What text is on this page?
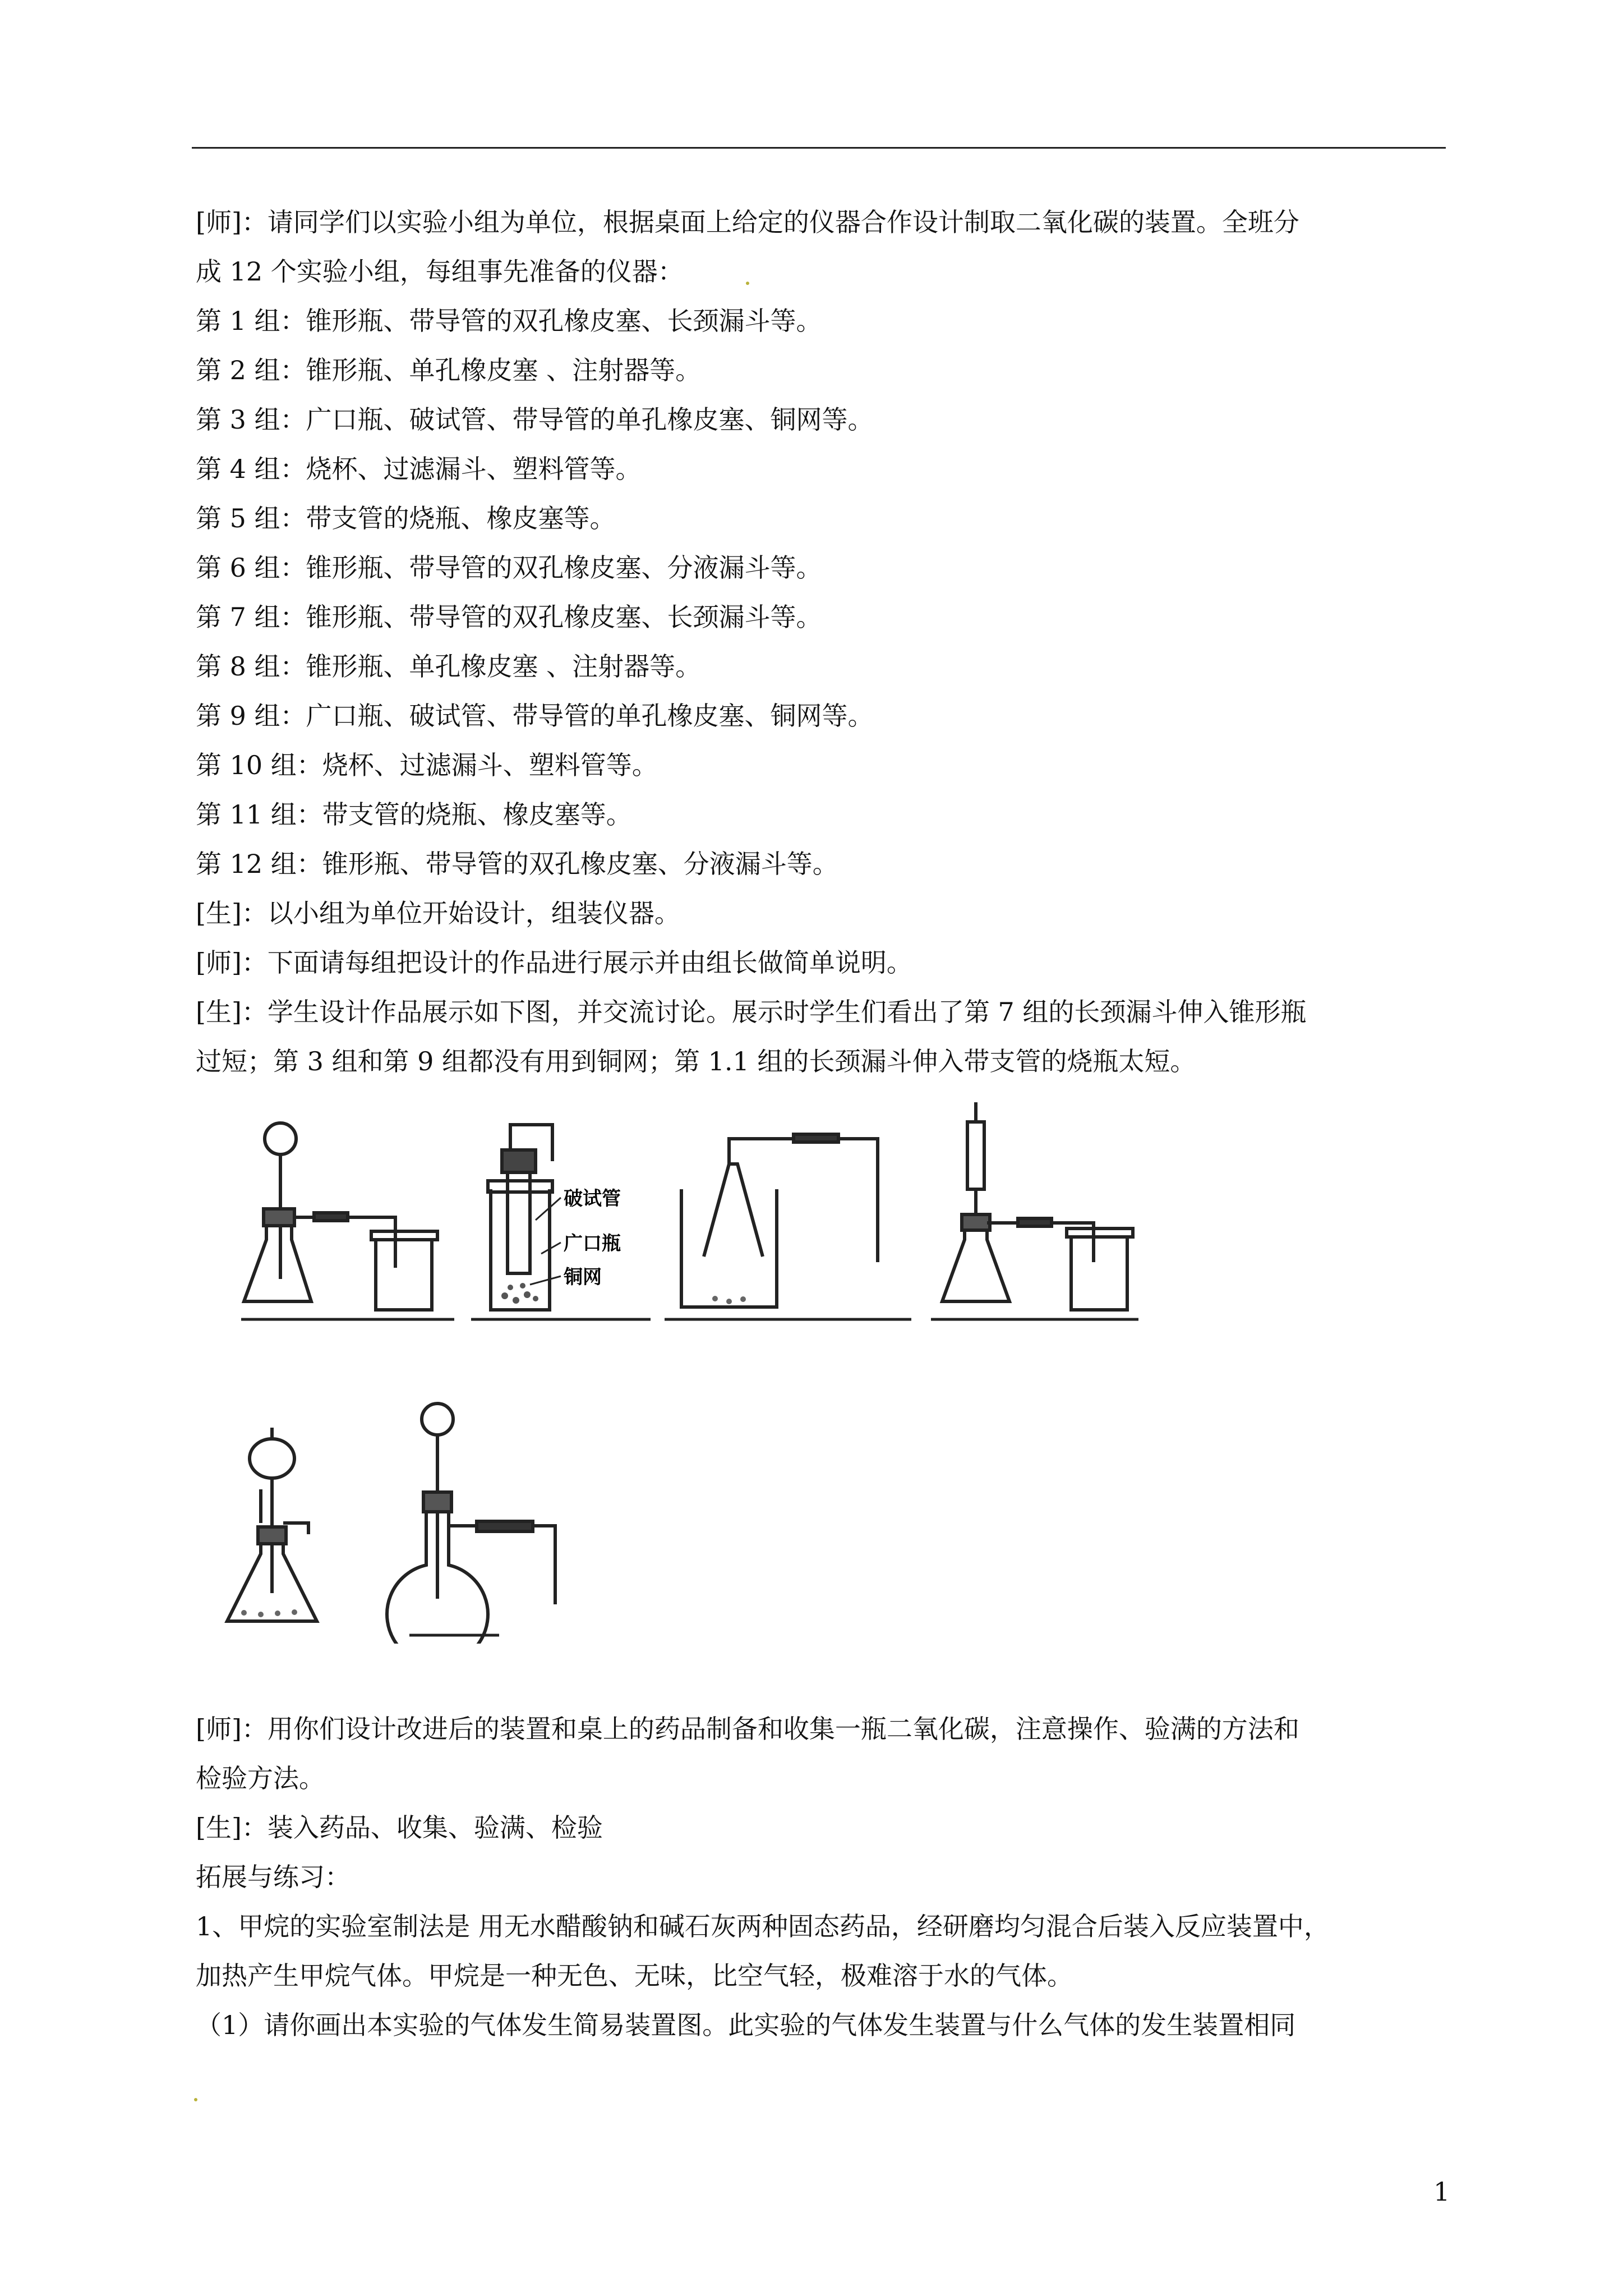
[师]：请同学们以实验小组为单位，根据桌面上给定的仪器合作设计制取二氧化碳的装置。全班分
成 12 个实验小组，每组事先准备的仪器：
第 1 组：锥形瓶、带导管的双孔橡皮塞、长颈漏斗等。
第 2 组：锥形瓶、单孔橡皮塞 、注射器等。
第 3 组：广口瓶、破试管、带导管的单孔橡皮塞、铜网等。
第 4 组：烧杯、过滤漏斗、塑料管等。
第 5 组：带支管的烧瓶、橡皮塞等。
第 6 组：锥形瓶、带导管的双孔橡皮塞、分液漏斗等。
第 7 组：锥形瓶、带导管的双孔橡皮塞、长颈漏斗等。
第 8 组：锥形瓶、单孔橡皮塞 、注射器等。
第 9 组：广口瓶、破试管、带导管的单孔橡皮塞、铜网等。
第 10 组：烧杯、过滤漏斗、塑料管等。
第 11 组：带支管的烧瓶、橡皮塞等。
第 12 组：锥形瓶、带导管的双孔橡皮塞、分液漏斗等。
[生]：以小组为单位开始设计，组装仪器。
[师]：下面请每组把设计的作品进行展示并由组长做简单说明。
[生]：学生设计作品展示如下图，并交流讨论。展示时学生们看出了第 7 组的长颈漏斗伸入锥形瓶
过短；第 3 组和第 9 组都没有用到铜网；第 1.1 组的长颈漏斗伸入带支管的烧瓶太短。
破试管
广口瓶
铜网
[师]：用你们设计改进后的装置和桌上的药品制备和收集一瓶二氧化碳，注意操作、验满的方法和
检验方法。
[生]：装入药品、收集、验满、检验
拓展与练习：
1、甲烷的实验室制法是 用无水醋酸钠和碱石灰两种固态药品，经研磨均匀混合后装入反应装置中，
加热产生甲烷气体。甲烷是一种无色、无味，比空气轻，极难溶于水的气体。
（1）请你画出本实验的气体发生简易装置图。此实验的气体发生装置与什么气体的发生装置相同
1
